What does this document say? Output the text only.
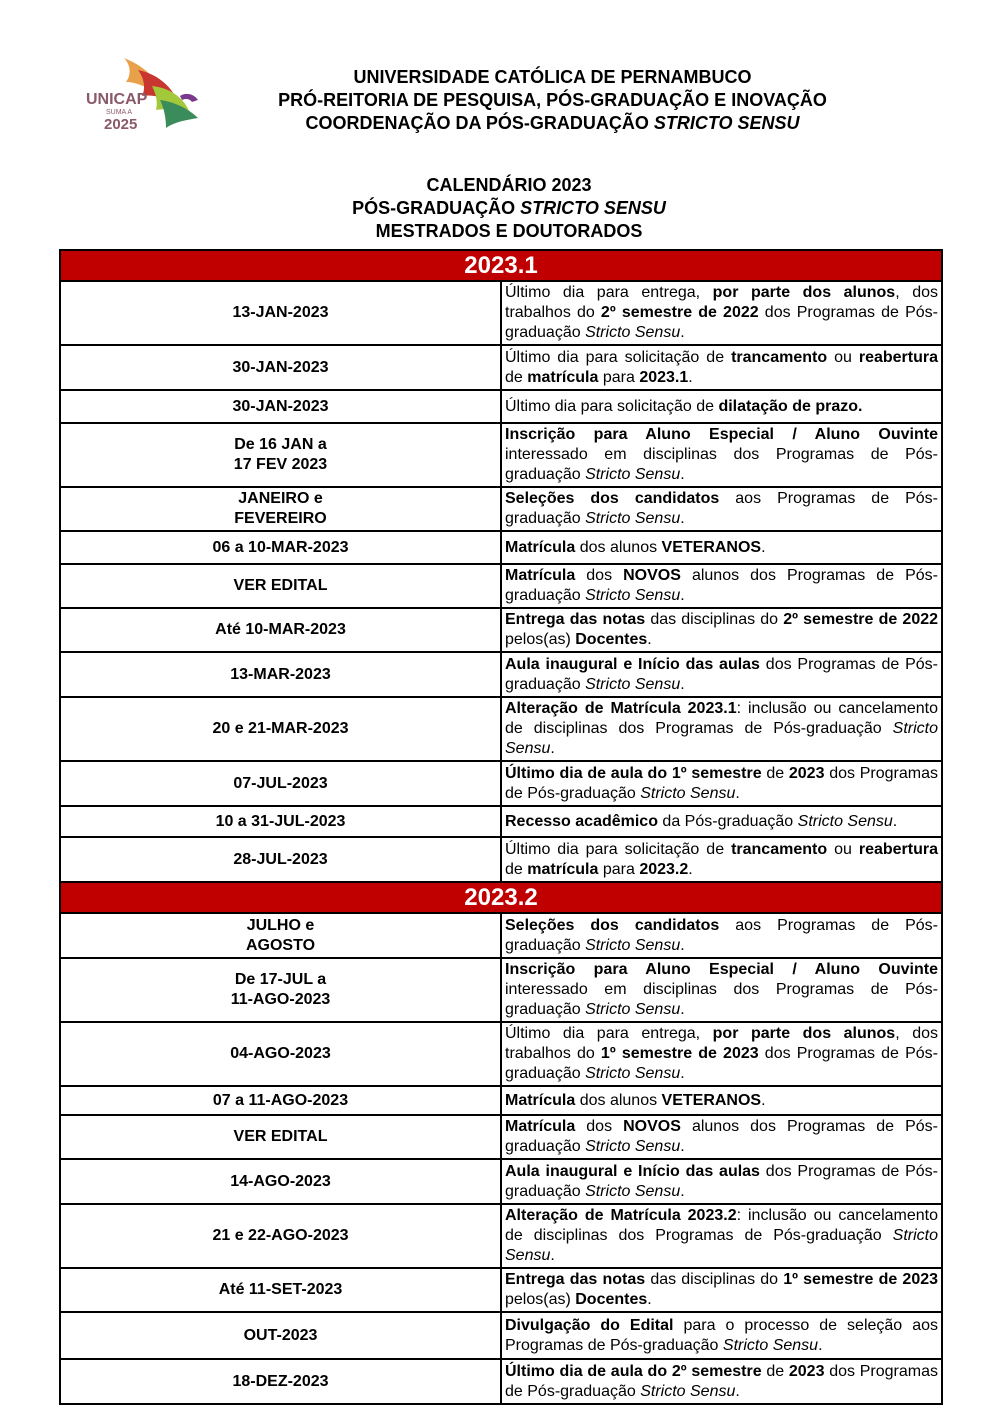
UNICAP
SUMA A
2025
UNIVERSIDADE CATÓLICA DE PERNAMBUCO
PRÓ-REITORIA DE PESQUISA, PÓS-GRADUAÇÃO E INOVAÇÃO
COORDENAÇÃO DA PÓS-GRADUAÇÃO STRICTO SENSU
CALENDÁRIO 2023
PÓS-GRADUAÇÃO STRICTO SENSU
MESTRADOS E DOUTORADOS
2023.1	
13-JAN-2023	Último dia para entrega, por parte dos alunos, dos trabalhos do 2º semestre de 2022 dos Programas de Pós-graduação Stricto Sensu.
30-JAN-2023	Último dia para solicitação de trancamento ou reabertura de matrícula para 2023.1.
30-JAN-2023	Último dia para solicitação de dilatação de prazo.
De 16 JAN a
17 FEV 2023	Inscrição para Aluno Especial / Aluno Ouvinte interessado em disciplinas dos Programas de Pós- graduação Stricto Sensu.
JANEIRO e
FEVEREIRO	Seleções dos candidatos aos Programas de Pós-graduação Stricto Sensu.
06 a 10-MAR-2023	Matrícula dos alunos VETERANOS.
VER EDITAL	Matrícula dos NOVOS alunos dos Programas de Pós-graduação Stricto Sensu.
Até 10-MAR-2023	Entrega das notas das disciplinas do 2º semestre de 2022 pelos(as) Docentes.
13-MAR-2023	Aula inaugural e Início das aulas dos Programas de Pós-graduação Stricto Sensu.
20 e 21-MAR-2023	Alteração de Matrícula 2023.1: inclusão ou cancelamento de disciplinas dos Programas de Pós-graduação Stricto Sensu.
07-JUL-2023	Último dia de aula do 1º semestre de 2023 dos Programas de Pós-graduação Stricto Sensu.
10 a 31-JUL-2023	Recesso acadêmico da Pós-graduação Stricto Sensu.
28-JUL-2023	Último dia para solicitação de trancamento ou reabertura de matrícula para 2023.2.
2023.2	
JULHO e
AGOSTO	Seleções dos candidatos aos Programas de Pós-graduação Stricto Sensu.
De 17-JUL a
11-AGO-2023	Inscrição para Aluno Especial / Aluno Ouvinte interessado em disciplinas dos Programas de Pós-graduação Stricto Sensu.
04-AGO-2023	Último dia para entrega, por parte dos alunos, dos trabalhos do 1º semestre de 2023 dos Programas de Pós-graduação Stricto Sensu.
07 a 11-AGO-2023	Matrícula dos alunos VETERANOS.
VER EDITAL	Matrícula dos NOVOS alunos dos Programas de Pós-graduação Stricto Sensu.
14-AGO-2023	Aula inaugural e Início das aulas dos Programas de Pós-graduação Stricto Sensu.
21 e 22-AGO-2023	Alteração de Matrícula 2023.2: inclusão ou cancelamento de disciplinas dos Programas de Pós-graduação Stricto Sensu.
Até 11-SET-2023	Entrega das notas das disciplinas do 1º semestre de 2023 pelos(as) Docentes.
OUT-2023	Divulgação do Edital para o processo de seleção aos Programas de Pós-graduação Stricto Sensu.
18-DEZ-2023	Último dia de aula do 2º semestre de 2023 dos Programas de Pós-graduação Stricto Sensu.
